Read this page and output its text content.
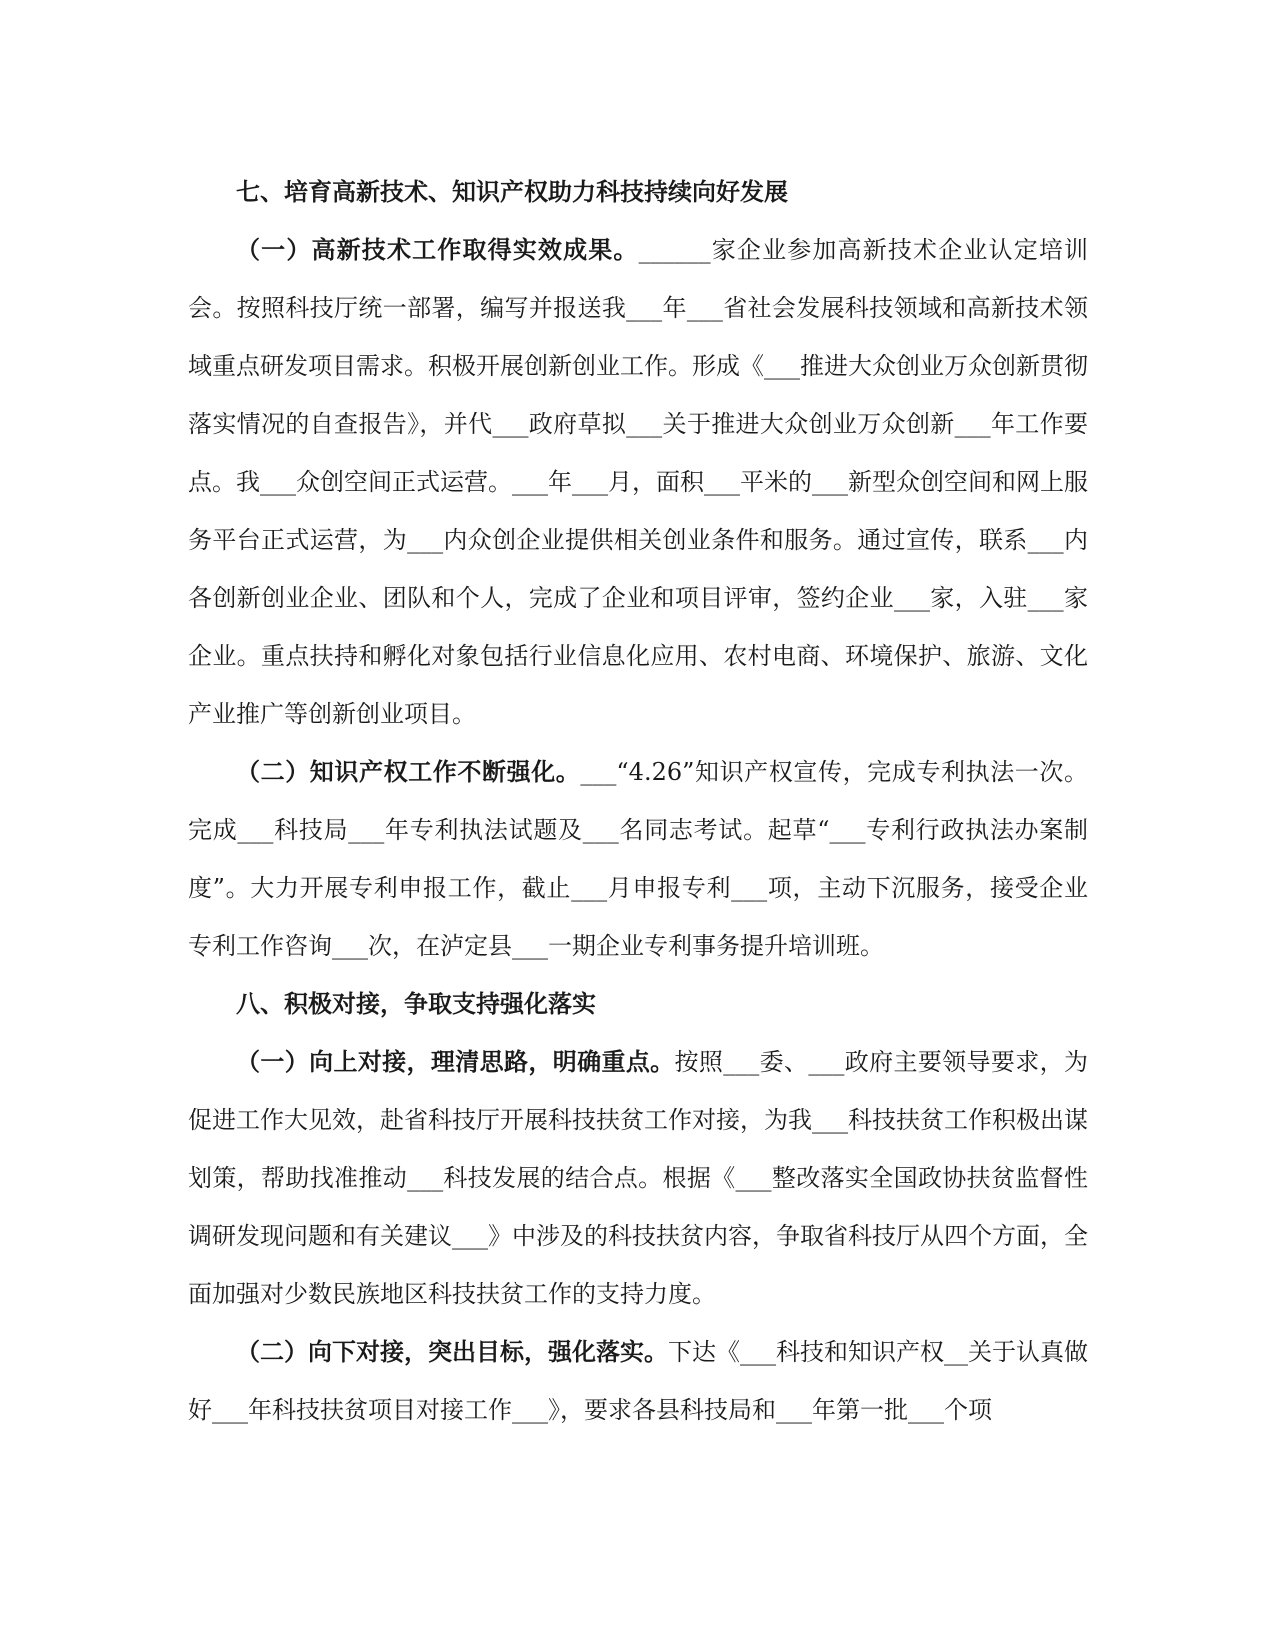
七、培育高新技术、知识产权助力科技持续向好发展

（一）高新技术工作取得实效成果。______家企业参加高新技术企业认定培训会。按照科技厅统一部署，编写并报送我___年___省社会发展科技领域和高新技术领域重点研发项目需求。积极开展创新创业工作。形成《___推进大众创业万众创新贯彻落实情况的自查报告》，并代___政府草拟___关于推进大众创业万众创新___年工作要点。我___众创空间正式运营。___年___月，面积___平米的___新型众创空间和网上服务平台正式运营，为___内众创企业提供相关创业条件和服务。通过宣传，联系___内各创新创业企业、团队和个人，完成了企业和项目评审，签约企业___家，入驻___家企业。重点扶持和孵化对象包括行业信息化应用、农村电商、环境保护、旅游、文化产业推广等创新创业项目。

（二）知识产权工作不断强化。___“4.26”知识产权宣传，完成专利执法一次。完成___科技局___年专利执法试题及___名同志考试。起草“___专利行政执法办案制度”。大力开展专利申报工作，截止___月申报专利___项，主动下沉服务，接受企业专利工作咨询___次，在泸定县___一期企业专利事务提升培训班。

八、积极对接，争取支持强化落实

（一）向上对接，理清思路，明确重点。按照___委、___政府主要领导要求，为促进工作大见效，赴省科技厅开展科技扶贫工作对接，为我___科技扶贫工作积极出谋划策，帮助找准推动___科技发展的结合点。根据《___整改落实全国政协扶贫监督性调研发现问题和有关建议___》中涉及的科技扶贫内容，争取省科技厅从四个方面，全面加强对少数民族地区科技扶贫工作的支持力度。

（二）向下对接，突出目标，强化落实。下达《___科技和知识产权__关于认真做好___年科技扶贫项目对接工作___》，要求各县科技局和___年第一批___个项
